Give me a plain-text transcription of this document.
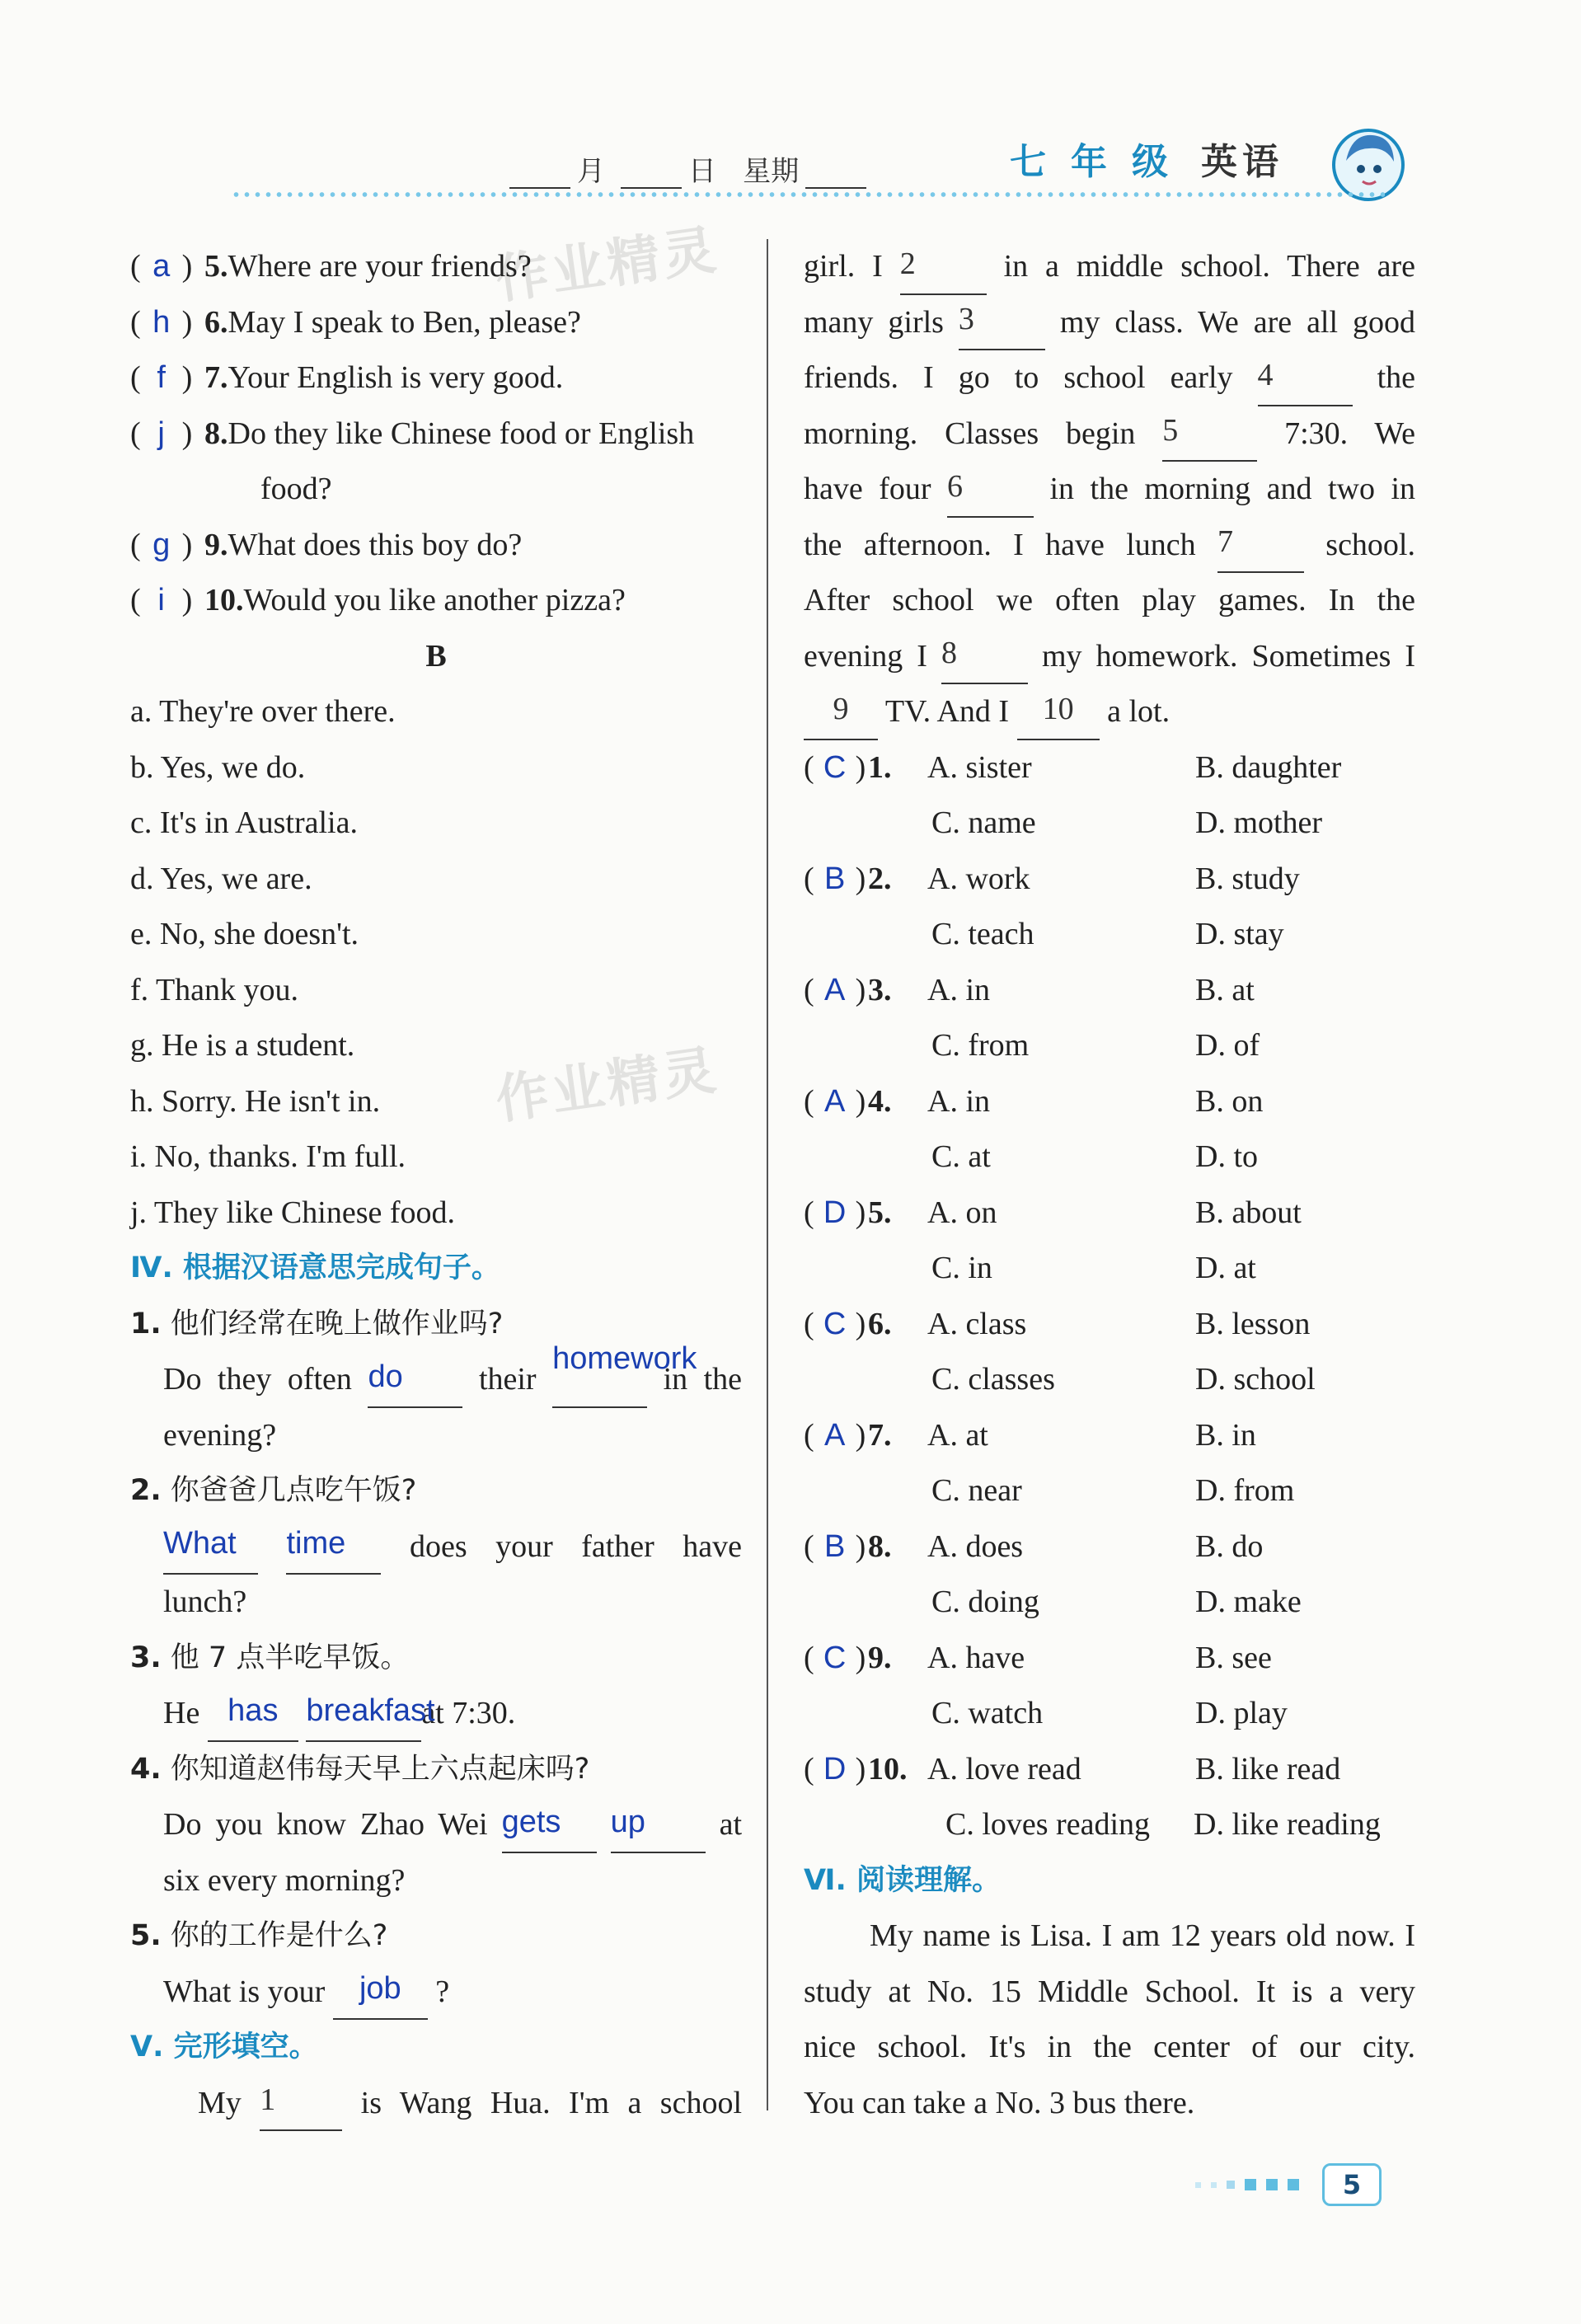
月	日 星期	七年级 英语
作业精灵
作业精灵
( a ) 5.Where are your friends?
( h ) 6.May I speak to Ben, please?
( f ) 7.Your English is very good.
( j ) 8.Do they like Chinese food or English
food?
( g ) 9.What does this boy do?
( i ) 10.Would you like another pizza?
B
a. They're over there.
b. Yes, we do.
c. It's in Australia.
d. Yes, we are.
e. No, she doesn't.
f. Thank you.
g. He is a student.
h. Sorry. He isn't in.
i. No, thanks. I'm full.
j. They like Chinese food.
Ⅳ. 根据汉语意思完成句子。
1. 他们经常在晚上做作业吗?
Do they often do their
homework
in the
evening?
2. 你爸爸几点吃午饭?
What time does your father have
lunch?
3. 他 7 点半吃早饭。
He has breakfastat 7:30.
4. 你知道赵伟每天早上六点起床吗?
Do you know Zhao Wei gets up at
six every morning?
5. 你的工作是什么?
What is your job ?
Ⅴ. 完形填空。
My 1	is Wang Hua. I'm a school
girl. I 2	in a middle school. There are
many girls 3	my class. We are all good
friends. I go to school early 4	the
morning. Classes begin 5	7:30. We
have four 6	in the morning and two in
the afternoon. I have lunch 7	school.
After school we often play games. In the
evening I 8	my homework. Sometimes I
9 TV. And I 10 a lot.
( C )1. A. sister	B. daughter
C. name	D. mother
( B )2. A. work	B. study
C. teach	D. stay
( A )3. A. in	B. at
C. from	D. of
( A )4. A. in	B. on
C. at	D. to
( D )5. A. on	B. about
C. in	D. at
( C )6. A. class	B. lesson
C. classes	D. school
( A )7. A. at	B. in
C. near	D. from
( B )8. A. does	B. do
C. doing	D. make
( C )9. A. have	B. see
C. watch	D. play
( D )10. A. love read	B. like read
C. loves reading D. like reading
Ⅵ. 阅读理解。
My name is Lisa. I am 12 years old now. I
study at No. 15 Middle School. It is a very
nice school. It's in the center of our city.
You can take a No. 3 bus there.
5
